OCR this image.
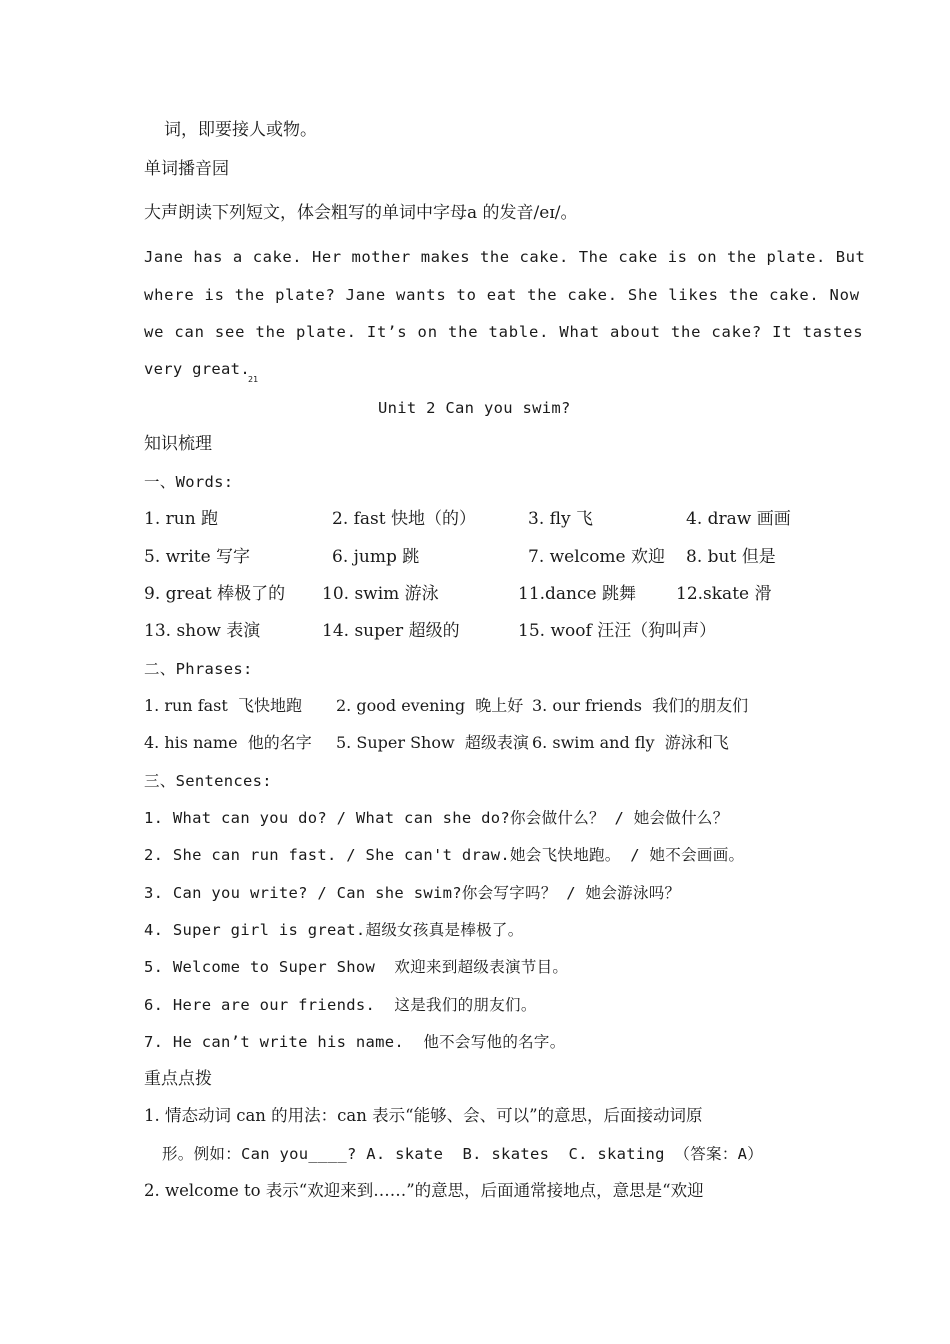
词，即要接人或物。
单词播音园
大声朗读下列短文，体会粗写的单词中字母a 的发音/eɪ/。
Jane has a cake. Her mother makes the cake. The cake is on the plate. But
where is the plate? Jane wants to eat the cake. She likes the cake. Now
we can see the plate. It’s on the table. What about the cake? It tastes
very great.
21
Unit 2 Can you swim?
知识梳理
一、Words:
1. run 跑	2. fast 快地（的）	3. fly 飞	4. draw 画画
5. write 写字	6. jump 跳	7. welcome 欢迎 8. but 但是
9. great 棒极了的 10. swim 游泳	11.dance 跳舞 12.skate 滑
13. show 表演	14. super 超级的	15. woof 汪汪（狗叫声）
二、Phrases:
1. run fast  飞快地跑 2. good evening  晚上好 3. our friends  我们的朋友们
4. his name  他的名字 5. Super Show  超级表演 6. swim and fly  游泳和飞
三、Sentences:
1. What can you do? / What can she do?你会做什么？ / 她会做什么？
2. She can run fast. / She can't draw.她会飞快地跑。 / 她不会画画。
3. Can you write? / Can she swim?你会写字吗？ / 她会游泳吗？
4. Super girl is great.超级女孩真是棒极了。
5. Welcome to Super Show  欢迎来到超级表演节目。
6. Here are our friends.  这是我们的朋友们。
7. He can’t write his name.  他不会写他的名字。
重点点拨
1. 情态动词 can 的用法：can 表示“能够、会、可以”的意思，后面接动词原
形。例如：Can you____? A. skate  B. skates  C. skating （答案：A）
2. welcome to 表示“欢迎来到……”的意思，后面通常接地点，意思是“欢迎
